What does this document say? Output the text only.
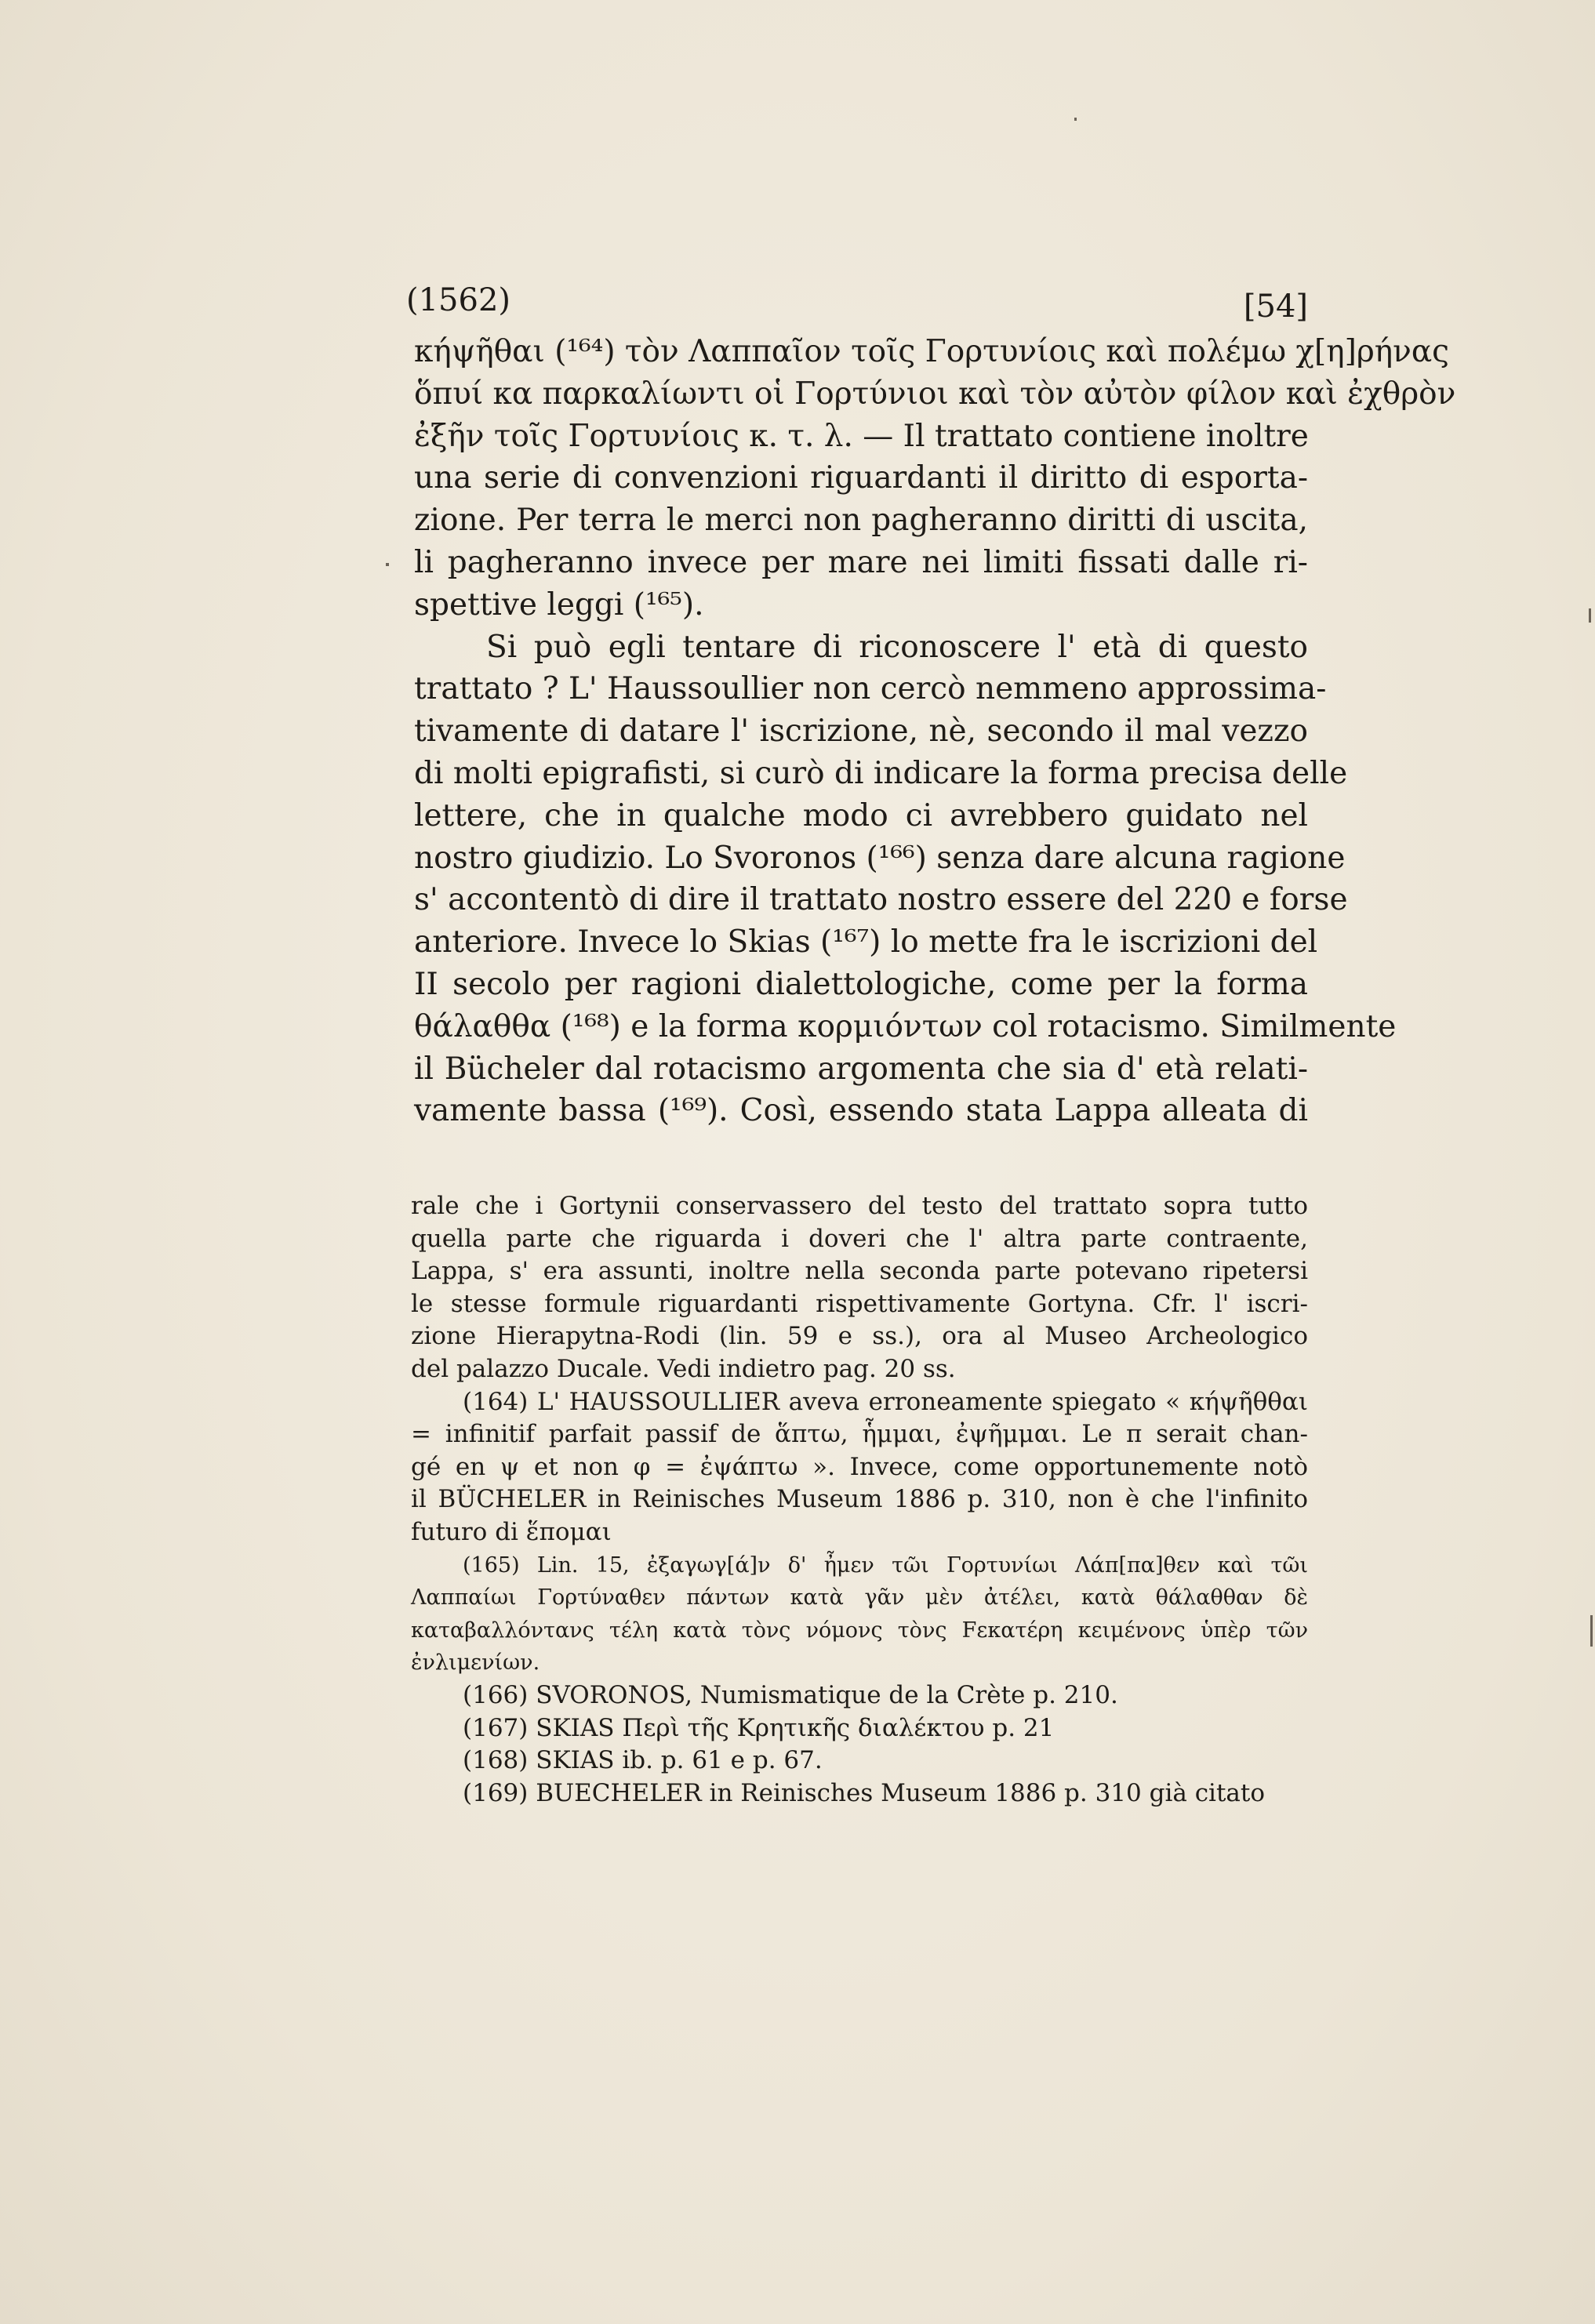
(1562)	[54]
κήψῆθαι (¹⁶⁴) τὸν Λαππαῖον τοῖς Γορτυνίοις καὶ πολέμω χ[η]ρήνας
ὅπυί κα παρκαλίωντι οἱ Γορτύνιοι καὶ τὸν αὐτὸν φίλον καὶ ἐχθρὸν
ἐξῆν τοῖς Γορτυνίοις κ. τ. λ. — Il trattato contiene inoltre
una serie di convenzioni riguardanti il diritto di esporta-
zione. Per terra le merci non pagheranno diritti di uscita,
li pagheranno invece per mare nei limiti fissati dalle ri-
spettive leggi (¹⁶⁵).
Si può egli tentare di riconoscere l' età di questo
trattato ? L' Haussoullier non cercò nemmeno approssima-
tivamente di datare l' iscrizione, nè, secondo il mal vezzo
di molti epigrafisti, si curò di indicare la forma precisa delle
lettere, che in qualche modo ci avrebbero guidato nel
nostro giudizio. Lo Svoronos (¹⁶⁶) senza dare alcuna ragione
s' accontentò di dire il trattato nostro essere del 220 e forse
anteriore. Invece lo Skias (¹⁶⁷) lo mette fra le iscrizioni del
II secolo per ragioni dialettologiche, come per la forma
θάλαθθα (¹⁶⁸) e la forma κορμιόντων col rotacismo. Similmente
il Bücheler dal rotacismo argomenta che sia d' età relati-
vamente bassa (¹⁶⁹). Così, essendo stata Lappa alleata di
rale che i Gortynii conservassero del testo del trattato sopra tutto
quella parte che riguarda i doveri che l' altra parte contraente,
Lappa, s' era assunti, inoltre nella seconda parte potevano ripetersi
le stesse formule riguardanti rispettivamente Gortyna. Cfr. l' iscri-
zione Hierapytna-Rodi (lin. 59 e ss.), ora al Museo Archeologico
del palazzo Ducale. Vedi indietro pag. 20 ss.
(164) L' HAUSSOULLIER aveva erroneamente spiegato « κήψῆθθαι
= infinitif parfait passif de ἅπτω, ἧμμαι, ἐψῆμμαι. Le π serait chan-
gé en ψ et non φ = ἐψάπτω ». Invece, come opportunemente notò
il BÜCHELER in Reinisches Museum 1886 p. 310, non è che l'infinito
futuro di ἕπομαι
(165) Lin. 15, ἐξαγωγ[ά]ν δ' ἦμεν τῶι Γορτυνίωι Λάπ[πα]θεν καὶ τῶι
Λαππαίωι Γορτύναθεν πάντων κατὰ γᾶν μὲν ἀτέλει, κατὰ θάλαθθαν δὲ
καταβαλλόντανς τέλη κατὰ τὸνς νόμονς τὸνς Fεκατέρη κειμένονς ὑπὲρ τῶν
ἐνλιμενίων.
(166) SVORONOS, Numismatique de la Crète p. 210.
(167) SKIAS Περὶ τῆς Κρητικῆς διαλέκτου p. 21
(168) SKIAS ib. p. 61 e p. 67.
(169) BUECHELER in Reinisches Museum 1886 p. 310 già citato
